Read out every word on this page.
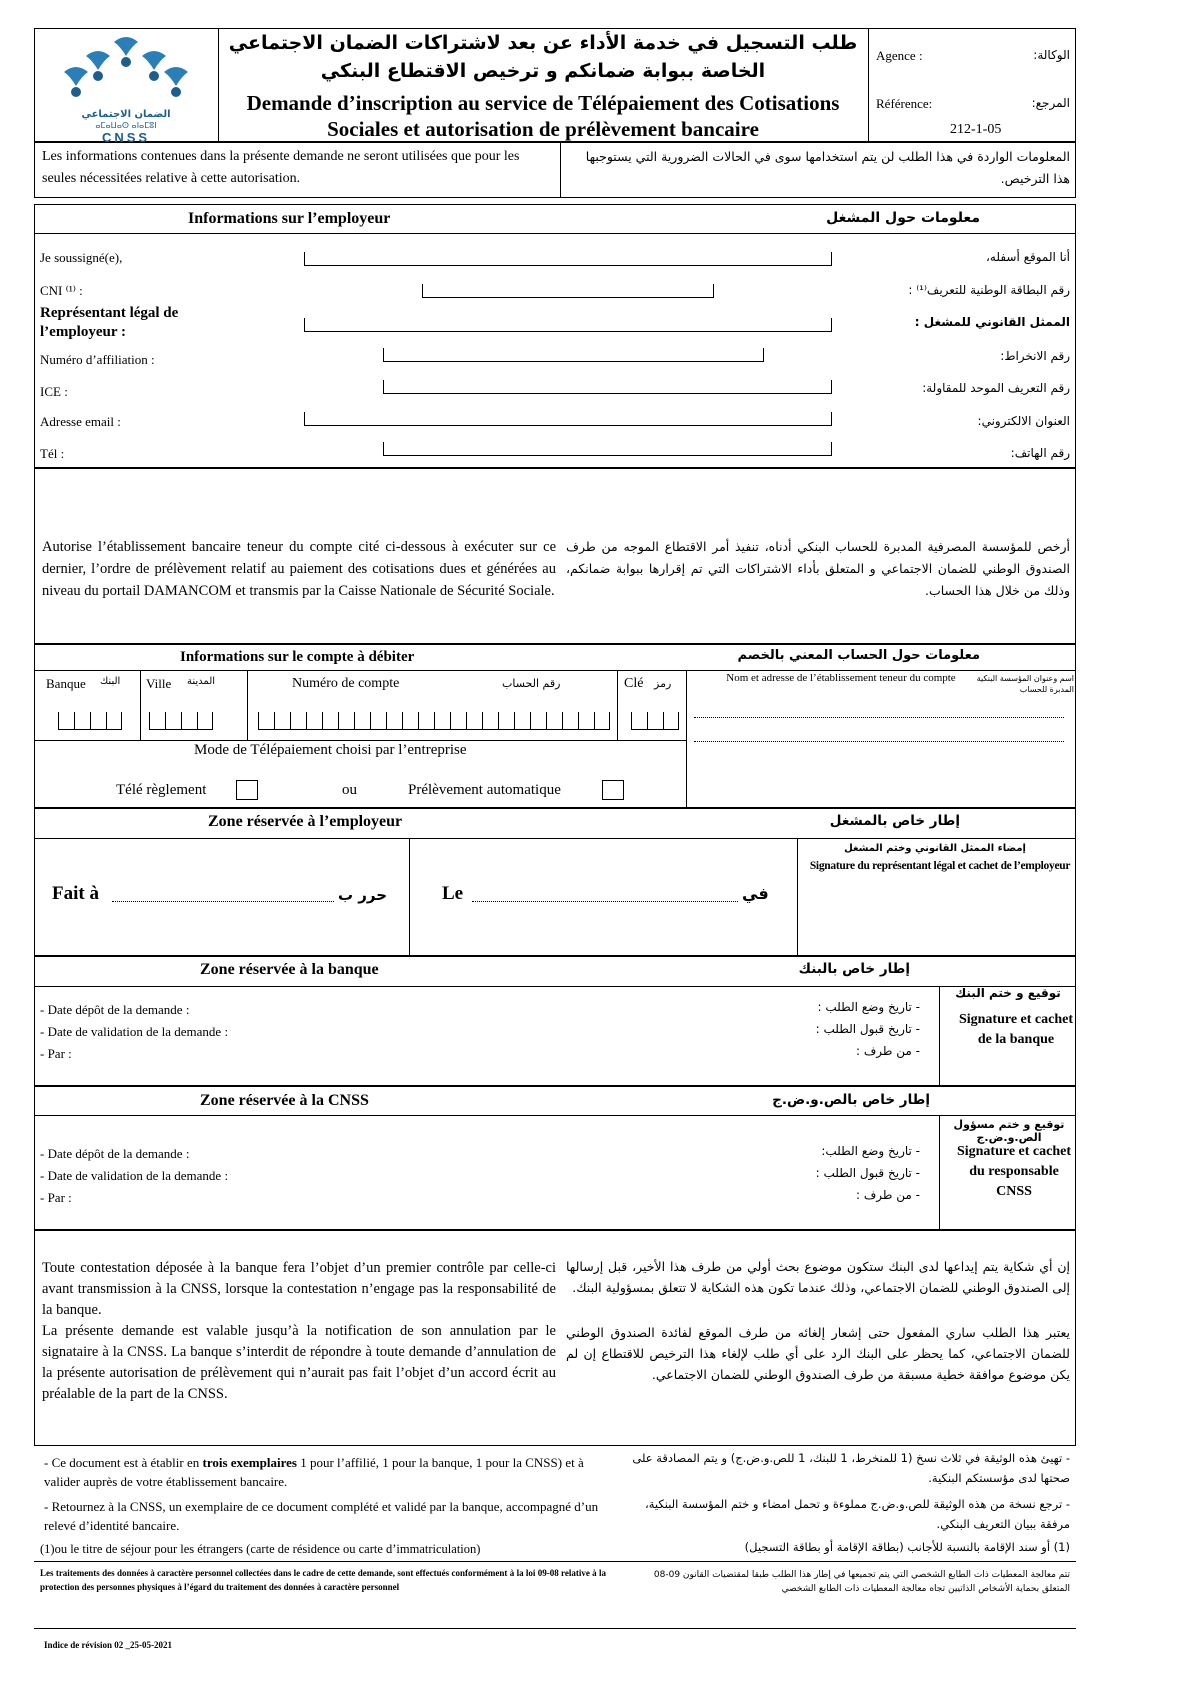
الضمان الاجتماعي
ⴰⵎⴰⵡⴰⵙ ⴰⵏⴰⵎⵓⵏ
CNSS
طلب التسجيل في خدمة الأداء عن بعد لاشتراكات الضمان الاجتماعي
الخاصة ببوابة ضمانكم و ترخيص الاقتطاع البنكي
Demande d’inscription au service de Télépaiement des Cotisations
Sociales et autorisation de prélèvement bancaire
Agence :	الوكالة:
Référence:	المرجع:
212-1-05
Les informations contenues dans la présente demande ne seront utilisées que pour les seules nécessitées relative à cette autorisation.
المعلومات الواردة في هذا الطلب لن يتم استخدامها سوى في الحالات الضرورية التي يستوجبها هذا الترخيص.
Informations sur l’employeur	معلومات حول المشغل
Je soussigné(e),	أنا الموقع أسفله،
CNI ⁽¹⁾ :	رقم البطاقة الوطنية للتعريف⁽¹⁾ :
Représentant légal de l’employeur :
الممثل القانوني للمشغل :
Numéro d’affiliation :	رقم الانخراط:
ICE :	رقم التعريف الموحد للمقاولة:
Adresse email :	العنوان الالكتروني:
Tél :	رقم الهاتف:
Autorise l’établissement bancaire teneur du compte cité ci-dessous à exécuter sur ce dernier, l’ordre de prélèvement relatif au paiement des cotisations dues et générées au niveau du portail DAMANCOM et transmis par la Caisse Nationale de Sécurité Sociale.
أرخص للمؤسسة المصرفية المدبرة للحساب البنكي أدناه، تنفيذ أمر الاقتطاع الموجه من طرف الصندوق الوطني للضمان الاجتماعي و المتعلق بأداء الاشتراكات التي تم إقرارها ببوابة ضمانكم، وذلك من خلال هذا الحساب.
Informations sur le compte à débiter	معلومات حول الحساب المعني بالخصم
Banque البنك Ville المدينة	Numéro de compte	رقم الحساب	Clé رمز	Nom et adresse de l’établissement teneur du compte	اسم وعنوان المؤسسة البنكية المدبرة للحساب
Mode de Télépaiement choisi par l’entreprise
Télé règlement	ou	Prélèvement automatique
Zone réservée à l’employeur	إطار خاص بالمشغل
Fait à	حرر ب	Le	في
إمضاء الممثل القانوني وختم المشغل
Signature du représentant légal et cachet de l’employeur
Zone réservée à la banque	إطار خاص بالبنك
- Date dépôt de la demande :
- Date de validation de la demande :
- Par :
- تاريخ وضع الطلب :
- تاريخ قبول الطلب :
- من طرف :
توقيع و ختم البنك
Signature et cachet de la banque
Zone réservée à la CNSS	إطار خاص بالص.و.ض.ج
- Date dépôt de la demande :
- Date de validation de la demande :
- Par :
- تاريخ وضع الطلب:
- تاريخ قبول الطلب :
- من طرف :
توقيع و ختم مسؤول الص.و.ض.ج
Signature et cachet du responsable CNSS
Toute contestation déposée à la banque fera l’objet d’un premier contrôle par celle-ci avant transmission à la CNSS, lorsque la contestation n’engage pas la responsabilité de la banque.
La présente demande est valable jusqu’à la notification de son annulation par le signataire à la CNSS. La banque s’interdit de répondre à toute demande d’annulation de la présente autorisation de prélèvement qui n’aurait pas fait l’objet d’un accord écrit au préalable de la part de la CNSS.
إن أي شكاية يتم إيداعها لدى البنك ستكون موضوع بحث أولي من طرف هذا الأخير، قبل إرسالها إلى الصندوق الوطني للضمان الاجتماعي، وذلك عندما تكون هذه الشكاية لا تتعلق بمسؤولية البنك.
يعتبر هذا الطلب ساري المفعول حتى إشعار إلغائه من طرف الموقع لفائدة الصندوق الوطني للضمان الاجتماعي، كما يحظر على البنك الرد على أي طلب لإلغاء هذا الترخيص للاقتطاع إن لم يكن موضوع موافقة خطية مسبقة من طرف الصندوق الوطني للضمان الاجتماعي.
- Ce document est à établir en trois exemplaires 1 pour l’affilié, 1 pour la banque, 1 pour la CNSS) et à valider auprès de votre établissement bancaire.
- Retournez à la CNSS, un exemplaire de ce document complété et validé par la banque, accompagné d’un relevé d’identité bancaire.
(1)ou le titre de séjour pour les étrangers (carte de résidence ou carte d’immatriculation)
- تهيئ هذه الوثيقة في ثلاث نسخ (1 للمنخرط، 1 للبنك، 1 للص.و.ض.ج) و يتم المصادقة على صحتها لدى مؤسستكم البنكية.
- ترجع نسخة من هذه الوثيقة للص.و.ض.ج مملوءة و تحمل امضاء و ختم المؤسسة البنكية، مرفقة ببيان التعريف البنكي.
(1) أو سند الإقامة بالنسبة للأجانب (بطاقة الإقامة أو بطاقة التسجيل)
Les traitements des données à caractère personnel collectées dans le cadre de cette demande, sont effectués conformément à la loi 09-08 relative à la protection des personnes physiques à l’égard du traitement des données à caractère personnel
تتم معالجة المعطيات ذات الطابع الشخصي التي يتم تجميعها في إطار هذا الطلب طبقا لمقتضيات القانون 09-08 المتعلق بحماية الأشخاص الذاتيين تجاه معالجة المعطيات ذات الطابع الشخصي
Indice de révision 02 _25-05-2021
